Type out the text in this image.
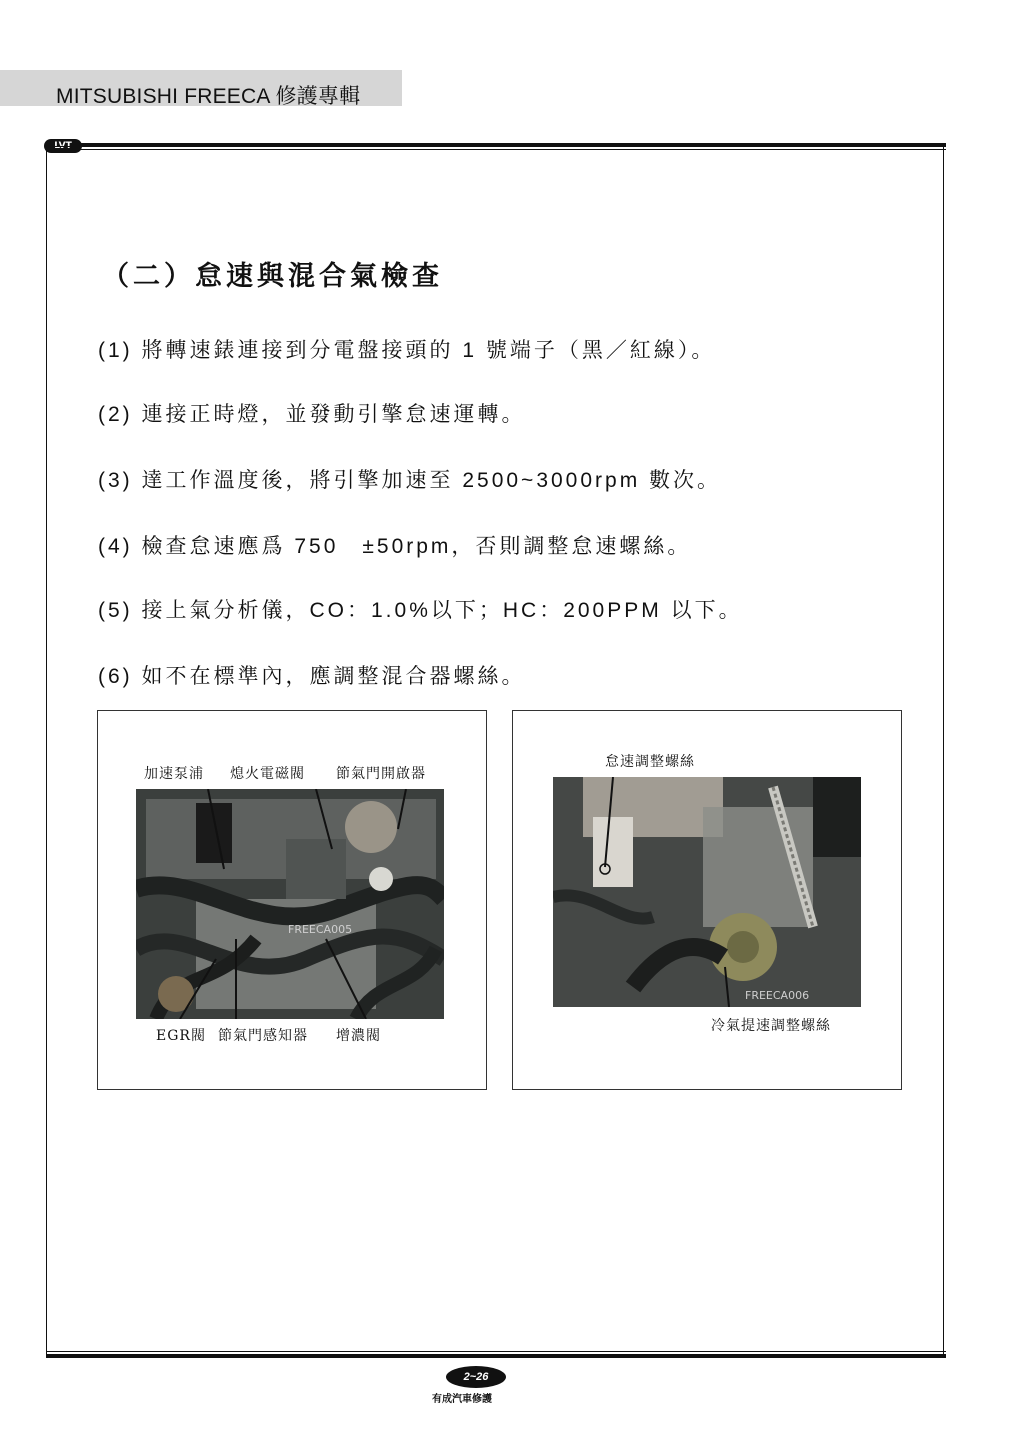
MITSUBISHI FREECA 修護專輯
LVT
（二）怠速與混合氣檢查
(1) 將轉速錶連接到分電盤接頭的 1 號端子（黑／紅線）。
(2) 連接正時燈，並發動引擎怠速運轉。
(3) 達工作溫度後，將引擎加速至 2500~3000rpm 數次。
(4) 檢查怠速應爲 750　±50rpm，否則調整怠速螺絲。
(5) 接上氣分析儀，CO：1.0%以下；HC：200PPM 以下。
(6) 如不在標準內，應調整混合器螺絲。
加速泵浦 熄火電磁閥 節氣門開啟器
FREECA005
EGR閥 節氣門感知器 增濃閥
怠速調整螺絲
FREECA006
冷氣提速調整螺絲
2~26
有成汽車修護
